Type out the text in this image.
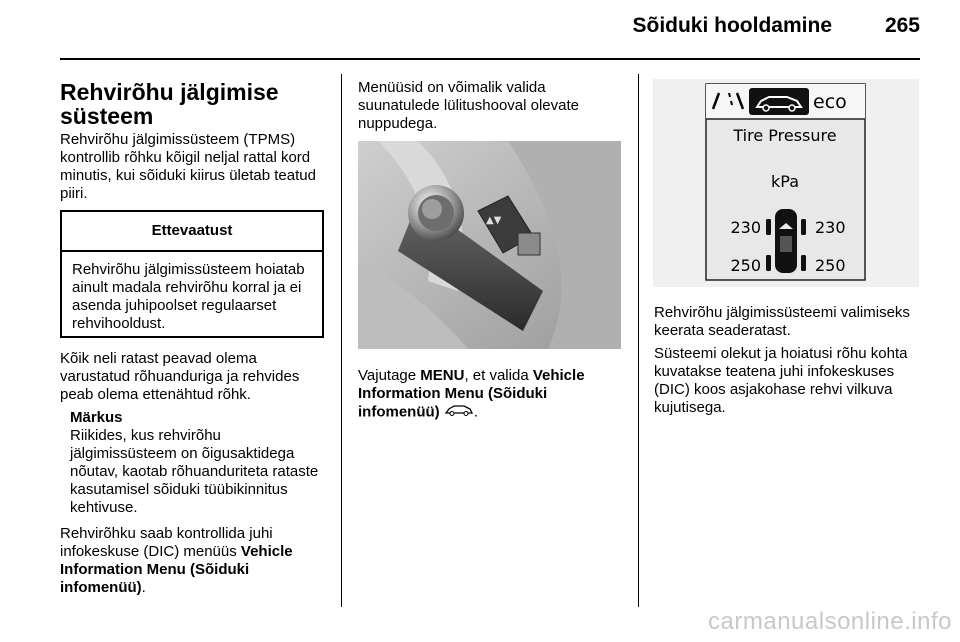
Sõiduki hooldamine	265
Rehvirõhu jälgimise süsteem
Rehvirõhu jälgimissüsteem (TPMS) kontrollib rõhku kõigil neljal rattal kord minutis, kui sõiduki kiirus ületab teatud piiri.
Ettevaatust
Rehvirõhu jälgimissüsteem hoiatab ainult madala rehvirõhu korral ja ei asenda juhipoolset regulaarset rehvihooldust.
Kõik neli ratast peavad olema varustatud rõhuanduriga ja rehvides peab olema ettenähtud rõhk.
Märkus
Riikides, kus rehvirõhu jälgimissüsteem on õigusaktidega nõutav, kaotab rõhuanduriteta rataste kasutamisel sõiduki tüübikinnitus kehtivuse.
Rehvirõhku saab kontrollida juhi infokeskuse (DIC) menüüs Vehicle Information Menu (Sõiduki infomenüü).
Menüüsid on võimalik valida suunatulede lülitushooval olevate nuppudega.
▲▼
Vajutage MENU, et valida Vehicle Information Menu (Sõiduki infomenüü) .
eco
Tire Pressure
kPa
230	230
250	250
Rehvirõhu jälgimissüsteemi valimiseks keerata seaderatast.
Süsteemi olekut ja hoiatusi rõhu kohta kuvatakse teatena juhi infokeskuses (DIC) koos asjakohase rehvi vilkuva kujutisega.
carmanualsonline.info
